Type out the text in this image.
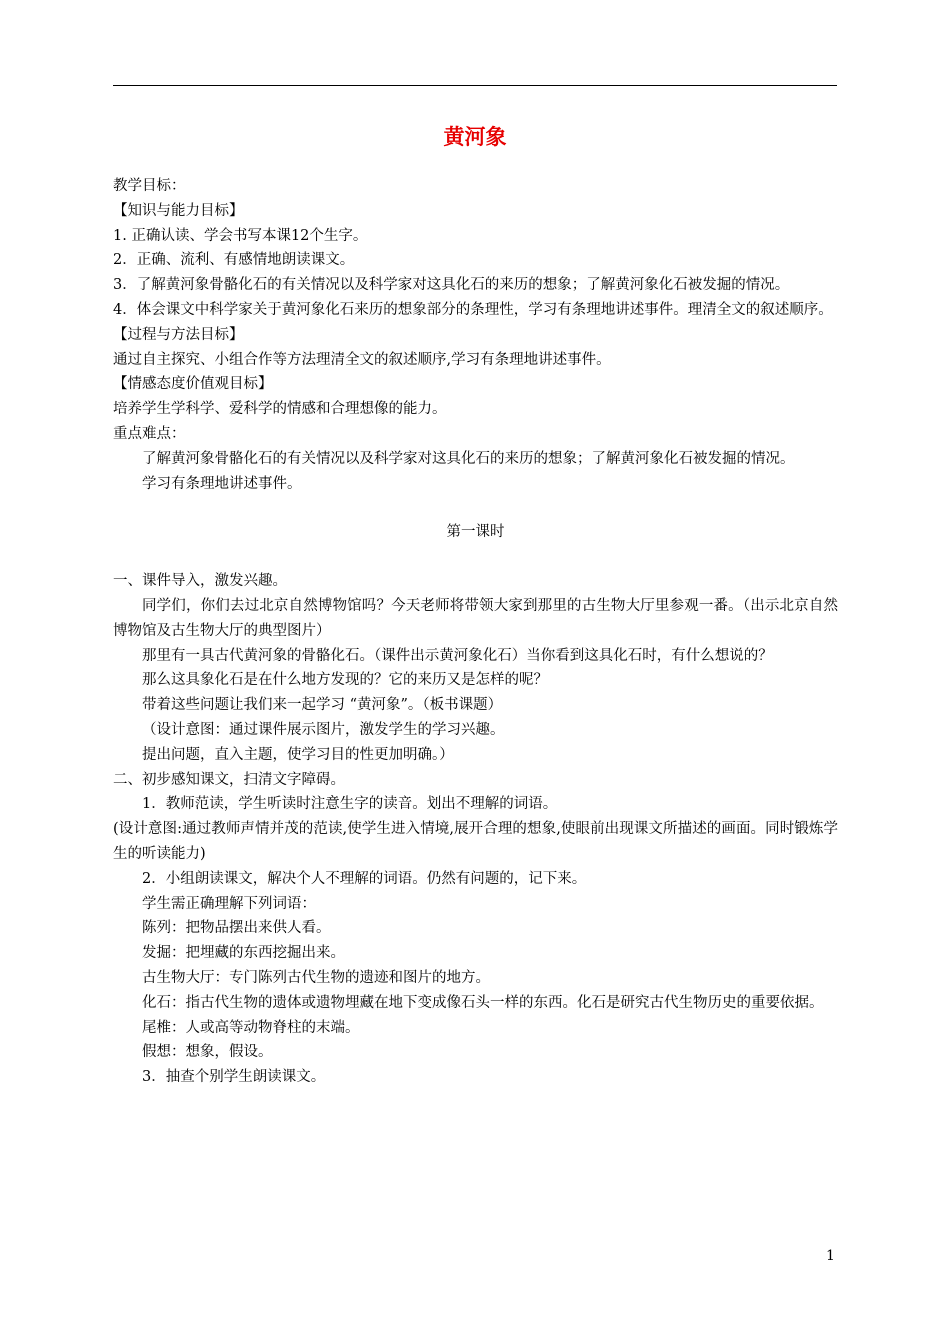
黄河象

教学目标：

【知识与能力目标】

1. 正确认读、学会书写本课12个生字。

2．正确、流利、有感情地朗读课文。

3．了解黄河象骨骼化石的有关情况以及科学家对这具化石的来历的想象；了解黄河象化石被发掘的情况。

4．体会课文中科学家关于黄河象化石来历的想象部分的条理性，学习有条理地讲述事件。理清全文的叙述顺序。

【过程与方法目标】

通过自主探究、小组合作等方法理清全文的叙述顺序,学习有条理地讲述事件。

【情感态度价值观目标】

培养学生学科学、爱科学的情感和合理想像的能力。

重点难点：

了解黄河象骨骼化石的有关情况以及科学家对这具化石的来历的想象；了解黄河象化石被发掘的情况。

学习有条理地讲述事件。

第一课时

一、课件导入，激发兴趣。

同学们，你们去过北京自然博物馆吗？今天老师将带领大家到那里的古生物大厅里参观一番。（出示北京自然博物馆及古生物大厅的典型图片）

那里有一具古代黄河象的骨骼化石。（课件出示黄河象化石）当你看到这具化石时，有什么想说的？

那么这具象化石是在什么地方发现的？它的来历又是怎样的呢？

带着这些问题让我们来一起学习 “黄河象”。（板书课题）

（设计意图：通过课件展示图片，激发学生的学习兴趣。

提出问题，直入主题，使学习目的性更加明确。）

二、初步感知课文，扫清文字障碍。

1．教师范读，学生听读时注意生字的读音。划出不理解的词语。

(设计意图:通过教师声情并茂的范读,使学生进入情境,展开合理的想象,使眼前出现课文所描述的画面。同时锻炼学生的听读能力)

2．小组朗读课文，解决个人不理解的词语。仍然有问题的，记下来。

学生需正确理解下列词语：

陈列：把物品摆出来供人看。

发掘：把埋藏的东西挖掘出来。

古生物大厅：专门陈列古代生物的遗迹和图片的地方。

化石：指古代生物的遗体或遗物埋藏在地下变成像石头一样的东西。化石是研究古代生物历史的重要依据。

尾椎：人或高等动物脊柱的末端。

假想：想象，假设。

3．抽查个别学生朗读课文。

1
